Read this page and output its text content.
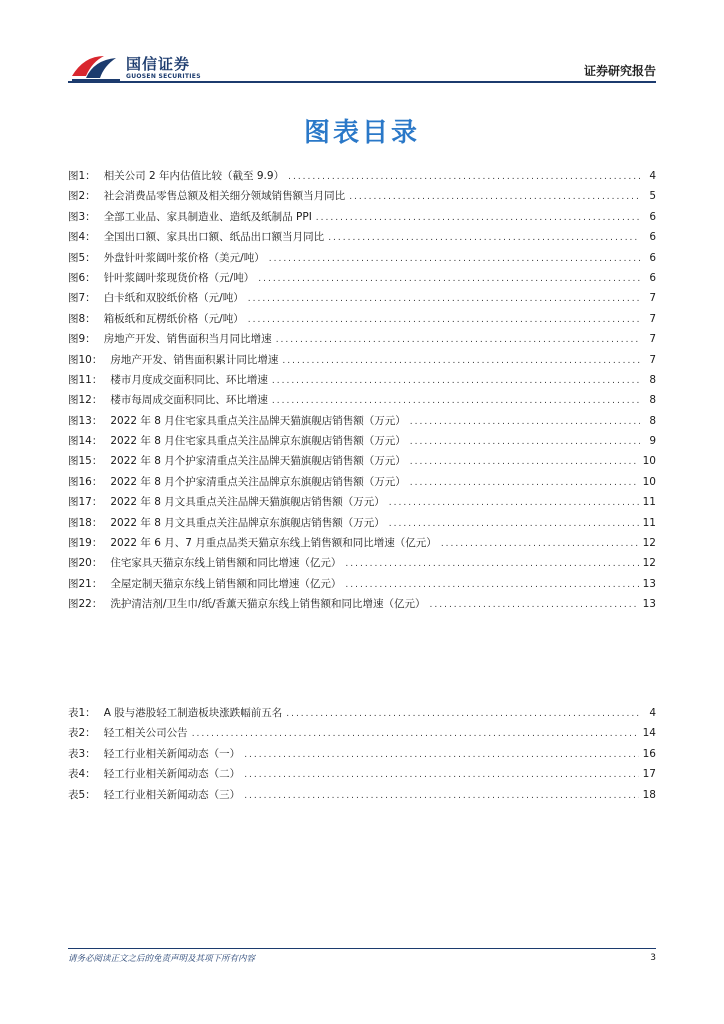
国信证券
GUOSEN SECURITIES	证券研究报告
图表目录
图1： 相关公司 2 年内估值比较（截至 9.9） .....	4
图2： 社会消费品零售总额及相关细分领域销售额当月同比 .....	5
图3： 全部工业品、家具制造业、造纸及纸制品 PPI .....	6
图4： 全国出口额、家具出口额、纸品出口额当月同比 .....	6
图5： 外盘针叶浆阔叶浆价格（美元/吨） .....	6
图6： 针叶浆阔叶浆现货价格（元/吨） .....	6
图7： 白卡纸和双胶纸价格（元/吨） .....	7
图8： 箱板纸和瓦楞纸价格（元/吨） .....	7
图9： 房地产开发、销售面积当月同比增速 .....	7
图10： 房地产开发、销售面积累计同比增速 .....	7
图11： 楼市月度成交面积同比、环比增速 .....	8
图12： 楼市每周成交面积同比、环比增速 .....	8
图13： 2022 年 8 月住宅家具重点关注品牌天猫旗舰店销售额（万元） .....	8
图14： 2022 年 8 月住宅家具重点关注品牌京东旗舰店销售额（万元） .....	9
图15： 2022 年 8 月个护家清重点关注品牌天猫旗舰店销售额（万元） .....	10
图16： 2022 年 8 月个护家清重点关注品牌京东旗舰店销售额（万元） .....	10
图17： 2022 年 8 月文具重点关注品牌天猫旗舰店销售额（万元） .....	11
图18： 2022 年 8 月文具重点关注品牌京东旗舰店销售额（万元） .....	11
图19： 2022 年 6 月、7 月重点品类天猫京东线上销售额和同比增速（亿元） .....	12
图20： 住宅家具天猫京东线上销售额和同比增速（亿元） .....	12
图21： 全屋定制天猫京东线上销售额和同比增速（亿元） .....	13
图22： 洗护清洁剂/卫生巾/纸/香薰天猫京东线上销售额和同比增速（亿元） .....	13
表1： A 股与港股轻工制造板块涨跌幅前五名 .....	4
表2： 轻工相关公司公告 .....	14
表3： 轻工行业相关新闻动态（一） .....	16
表4： 轻工行业相关新闻动态（二） .....	17
表5： 轻工行业相关新闻动态（三） .....	18
请务必阅读正文之后的免责声明及其项下所有内容	3
